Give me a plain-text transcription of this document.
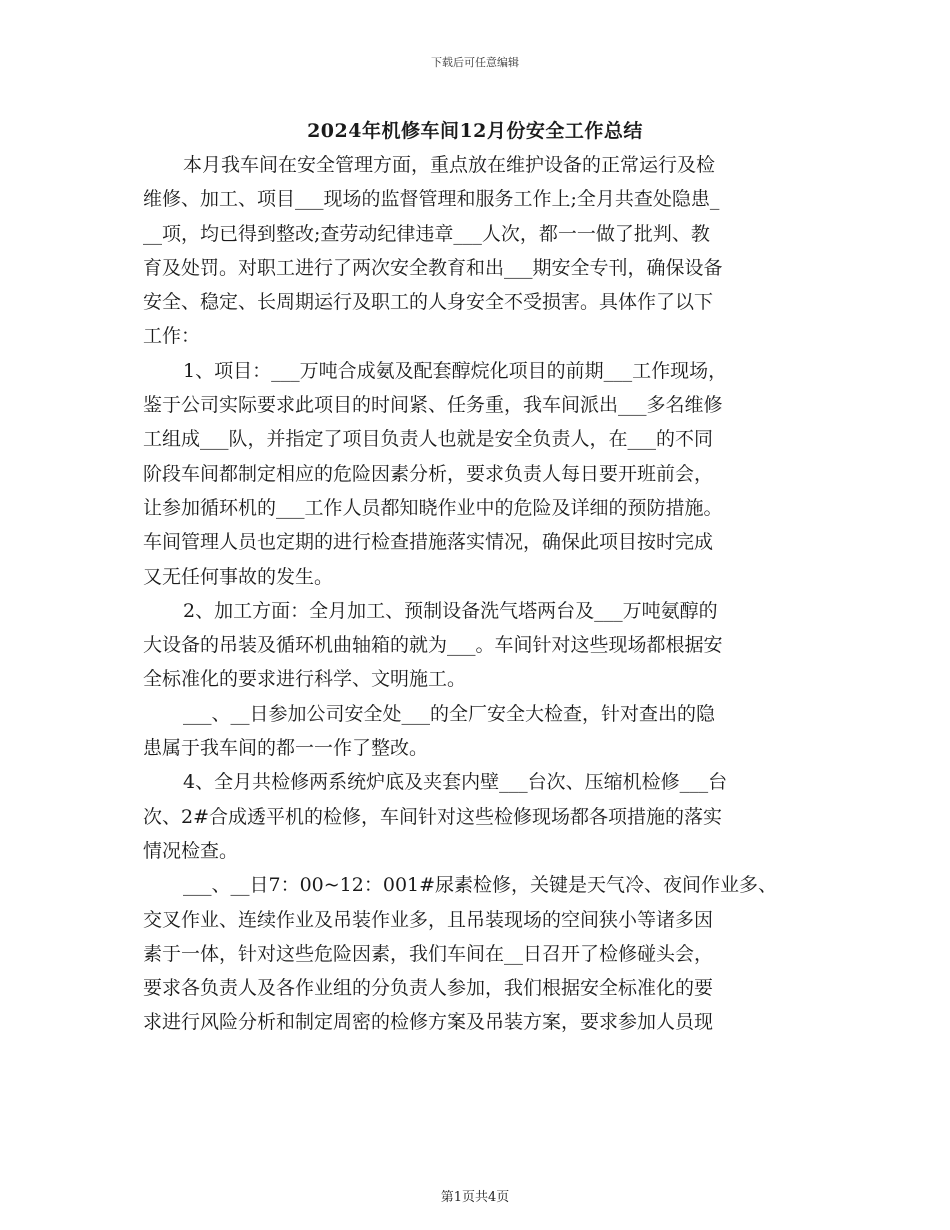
下载后可任意编辑
2024年机修车间12月份安全工作总结
本月我车间在安全管理方面，重点放在维护设备的正常运行及检
维修、加工、项目___现场的监督管理和服务工作上;全月共查处隐患_
__项，均已得到整改;查劳动纪律违章___人次，都一一做了批判、教
育及处罚。对职工进行了两次安全教育和出___期安全专刊，确保设备
安全、稳定、长周期运行及职工的人身安全不受损害。具体作了以下
工作：
1、项目：___万吨合成氨及配套醇烷化项目的前期___工作现场，
鉴于公司实际要求此项目的时间紧、任务重，我车间派出___多名维修
工组成___队，并指定了项目负责人也就是安全负责人，在___的不同
阶段车间都制定相应的危险因素分析，要求负责人每日要开班前会，
让参加循环机的___工作人员都知晓作业中的危险及详细的预防措施。
车间管理人员也定期的进行检查措施落实情况，确保此项目按时完成
又无任何事故的发生。
2、加工方面：全月加工、预制设备洗气塔两台及___万吨氨醇的
大设备的吊装及循环机曲轴箱的就为___。车间针对这些现场都根据安
全标准化的要求进行科学、文明施工。
___、__日参加公司安全处___的全厂安全大检查，针对查出的隐
患属于我车间的都一一作了整改。
4、全月共检修两系统炉底及夹套内壁___台次、压缩机检修___台
次、2#合成透平机的检修，车间针对这些检修现场都各项措施的落实
情况检查。
___、__日7：00~12：001#尿素检修，关键是天气冷、夜间作业多、
交叉作业、连续作业及吊装作业多，且吊装现场的空间狭小等诸多因
素于一体，针对这些危险因素，我们车间在__日召开了检修碰头会，
要求各负责人及各作业组的分负责人参加，我们根据安全标准化的要
求进行风险分析和制定周密的检修方案及吊装方案，要求参加人员现
第1页共4页
